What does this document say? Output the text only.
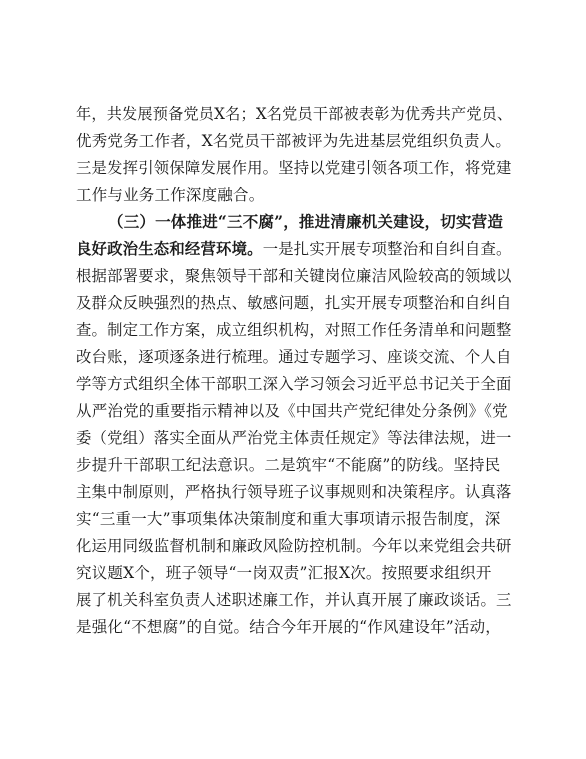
年，共发展预备党员X名；X名党员干部被表彰为优秀共产党员、
优秀党务工作者，X名党员干部被评为先进基层党组织负责人。
三是发挥引领保障发展作用。坚持以党建引领各项工作，将党建
工作与业务工作深度融合。
（三）一体推进“三不腐”，推进清廉机关建设，切实营造
良好政治生态和经营环境。一是扎实开展专项整治和自纠自查。
根据部署要求，聚焦领导干部和关键岗位廉洁风险较高的领域以
及群众反映强烈的热点、敏感问题，扎实开展专项整治和自纠自
查。制定工作方案，成立组织机构，对照工作任务清单和问题整
改台账，逐项逐条进行梳理。通过专题学习、座谈交流、个人自
学等方式组织全体干部职工深入学习领会习近平总书记关于全面
从严治党的重要指示精神以及《中国共产党纪律处分条例》《党
委（党组）落实全面从严治党主体责任规定》等法律法规，进一
步提升干部职工纪法意识。二是筑牢“不能腐”的防线。坚持民
主集中制原则，严格执行领导班子议事规则和决策程序。认真落
实“三重一大”事项集体决策制度和重大事项请示报告制度，深
化运用同级监督机制和廉政风险防控机制。今年以来党组会共研
究议题X个，班子领导“一岗双责”汇报X次。按照要求组织开
展了机关科室负责人述职述廉工作，并认真开展了廉政谈话。三
是强化“不想腐”的自觉。结合今年开展的“作风建设年”活动，
